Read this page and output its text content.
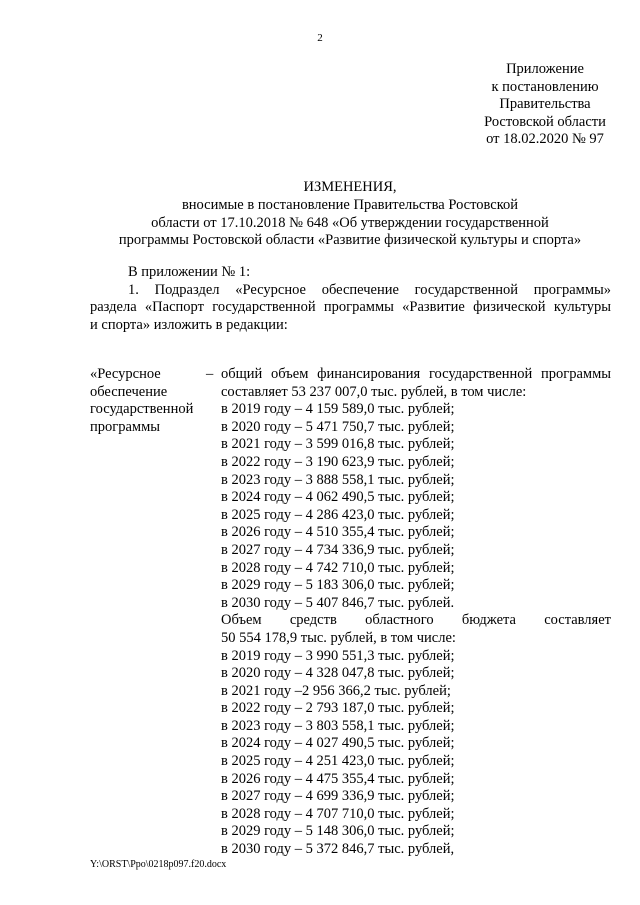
2
Приложение
к постановлению
Правительства
Ростовской области
от 18.02.2020 № 97
ИЗМЕНЕНИЯ,
вносимые в постановление Правительства Ростовской
области от 17.10.2018 № 648 «Об утверждении государственной
программы Ростовской области «Развитие физической культуры и спорта»
В приложении № 1:
1. Подраздел «Ресурсное обеспечение государственной программы»
раздела «Паспорт государственной программы «Развитие физической культуры
и спорта» изложить в редакции:
«Ресурсное
обеспечение
государственной
программы
– общий объем финансирования государственной программы
составляет 53 237 007,0 тыс. рублей, в том числе:
в 2019 году – 4 159 589,0 тыс. рублей;
в 2020 году – 5 471 750,7 тыс. рублей;
в 2021 году – 3 599 016,8 тыс. рублей;
в 2022 году – 3 190 623,9 тыс. рублей;
в 2023 году – 3 888 558,1 тыс. рублей;
в 2024 году – 4 062 490,5 тыс. рублей;
в 2025 году – 4 286 423,0 тыс. рублей;
в 2026 году – 4 510 355,4 тыс. рублей;
в 2027 году – 4 734 336,9 тыс. рублей;
в 2028 году – 4 742 710,0 тыс. рублей;
в 2029 году – 5 183 306,0 тыс. рублей;
в 2030 году – 5 407 846,7 тыс. рублей.
Объем средств областного бюджета составляет
50 554 178,9 тыс. рублей, в том числе:
в 2019 году – 3 990 551,3 тыс. рублей;
в 2020 году – 4 328 047,8 тыс. рублей;
в 2021 году –2 956 366,2 тыс. рублей;
в 2022 году – 2 793 187,0 тыс. рублей;
в 2023 году – 3 803 558,1 тыс. рублей;
в 2024 году – 4 027 490,5 тыс. рублей;
в 2025 году – 4 251 423,0 тыс. рублей;
в 2026 году – 4 475 355,4 тыс. рублей;
в 2027 году – 4 699 336,9 тыс. рублей;
в 2028 году – 4 707 710,0 тыс. рублей;
в 2029 году – 5 148 306,0 тыс. рублей;
в 2030 году – 5 372 846,7 тыс. рублей,
Y:\ORST\Ppo\0218p097.f20.docx
